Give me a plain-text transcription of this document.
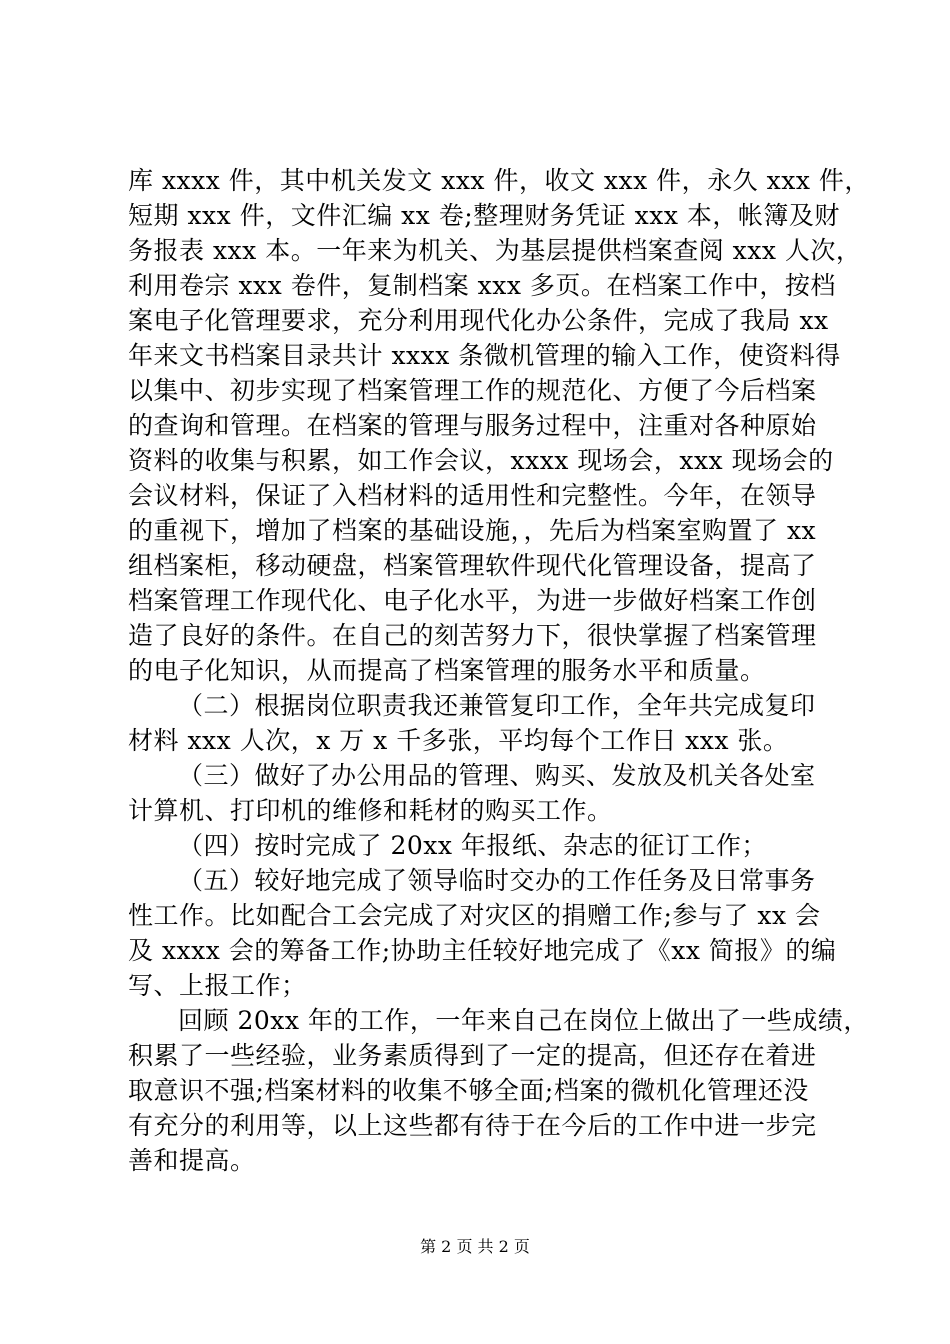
库 xxxx 件，其中机关发文 xxx 件，收文 xxx 件，永久 xxx 件，
短期 xxx 件，文件汇编 xx 卷;整理财务凭证 xxx 本，帐簿及财
务报表 xxx 本。一年来为机关、为基层提供档案查阅 xxx 人次，
利用卷宗 xxx 卷件，复制档案 xxx 多页。在档案工作中，按档
案电子化管理要求，充分利用现代化办公条件，完成了我局 xx
年来文书档案目录共计 xxxx 条微机管理的输入工作，使资料得
以集中、初步实现了档案管理工作的规范化、方便了今后档案
的查询和管理。在档案的管理与服务过程中，注重对各种原始
资料的收集与积累，如工作会议，xxxx 现场会，xxx 现场会的
会议材料，保证了入档材料的适用性和完整性。今年，在领导
的重视下，增加了档案的基础设施，，先后为档案室购置了 xx
组档案柜，移动硬盘，档案管理软件现代化管理设备，提高了
档案管理工作现代化、电子化水平，为进一步做好档案工作创
造了良好的条件。在自己的刻苦努力下，很快掌握了档案管理
的电子化知识，从而提高了档案管理的服务水平和质量。
（二）根据岗位职责我还兼管复印工作，全年共完成复印
材料 xxx 人次，x 万 x 千多张，平均每个工作日 xxx 张。
（三）做好了办公用品的管理、购买、发放及机关各处室
计算机、打印机的维修和耗材的购买工作。
（四）按时完成了 20xx 年报纸、杂志的征订工作；
（五）较好地完成了领导临时交办的工作任务及日常事务
性工作。比如配合工会完成了对灾区的捐赠工作;参与了 xx 会
及 xxxx 会的筹备工作;协助主任较好地完成了《xx 简报》的编
写、上报工作；
回顾 20xx 年的工作，一年来自己在岗位上做出了一些成绩，
积累了一些经验，业务素质得到了一定的提高，但还存在着进
取意识不强;档案材料的收集不够全面;档案的微机化管理还没
有充分的利用等，以上这些都有待于在今后的工作中进一步完
善和提高。
第 2 页 共 2 页
